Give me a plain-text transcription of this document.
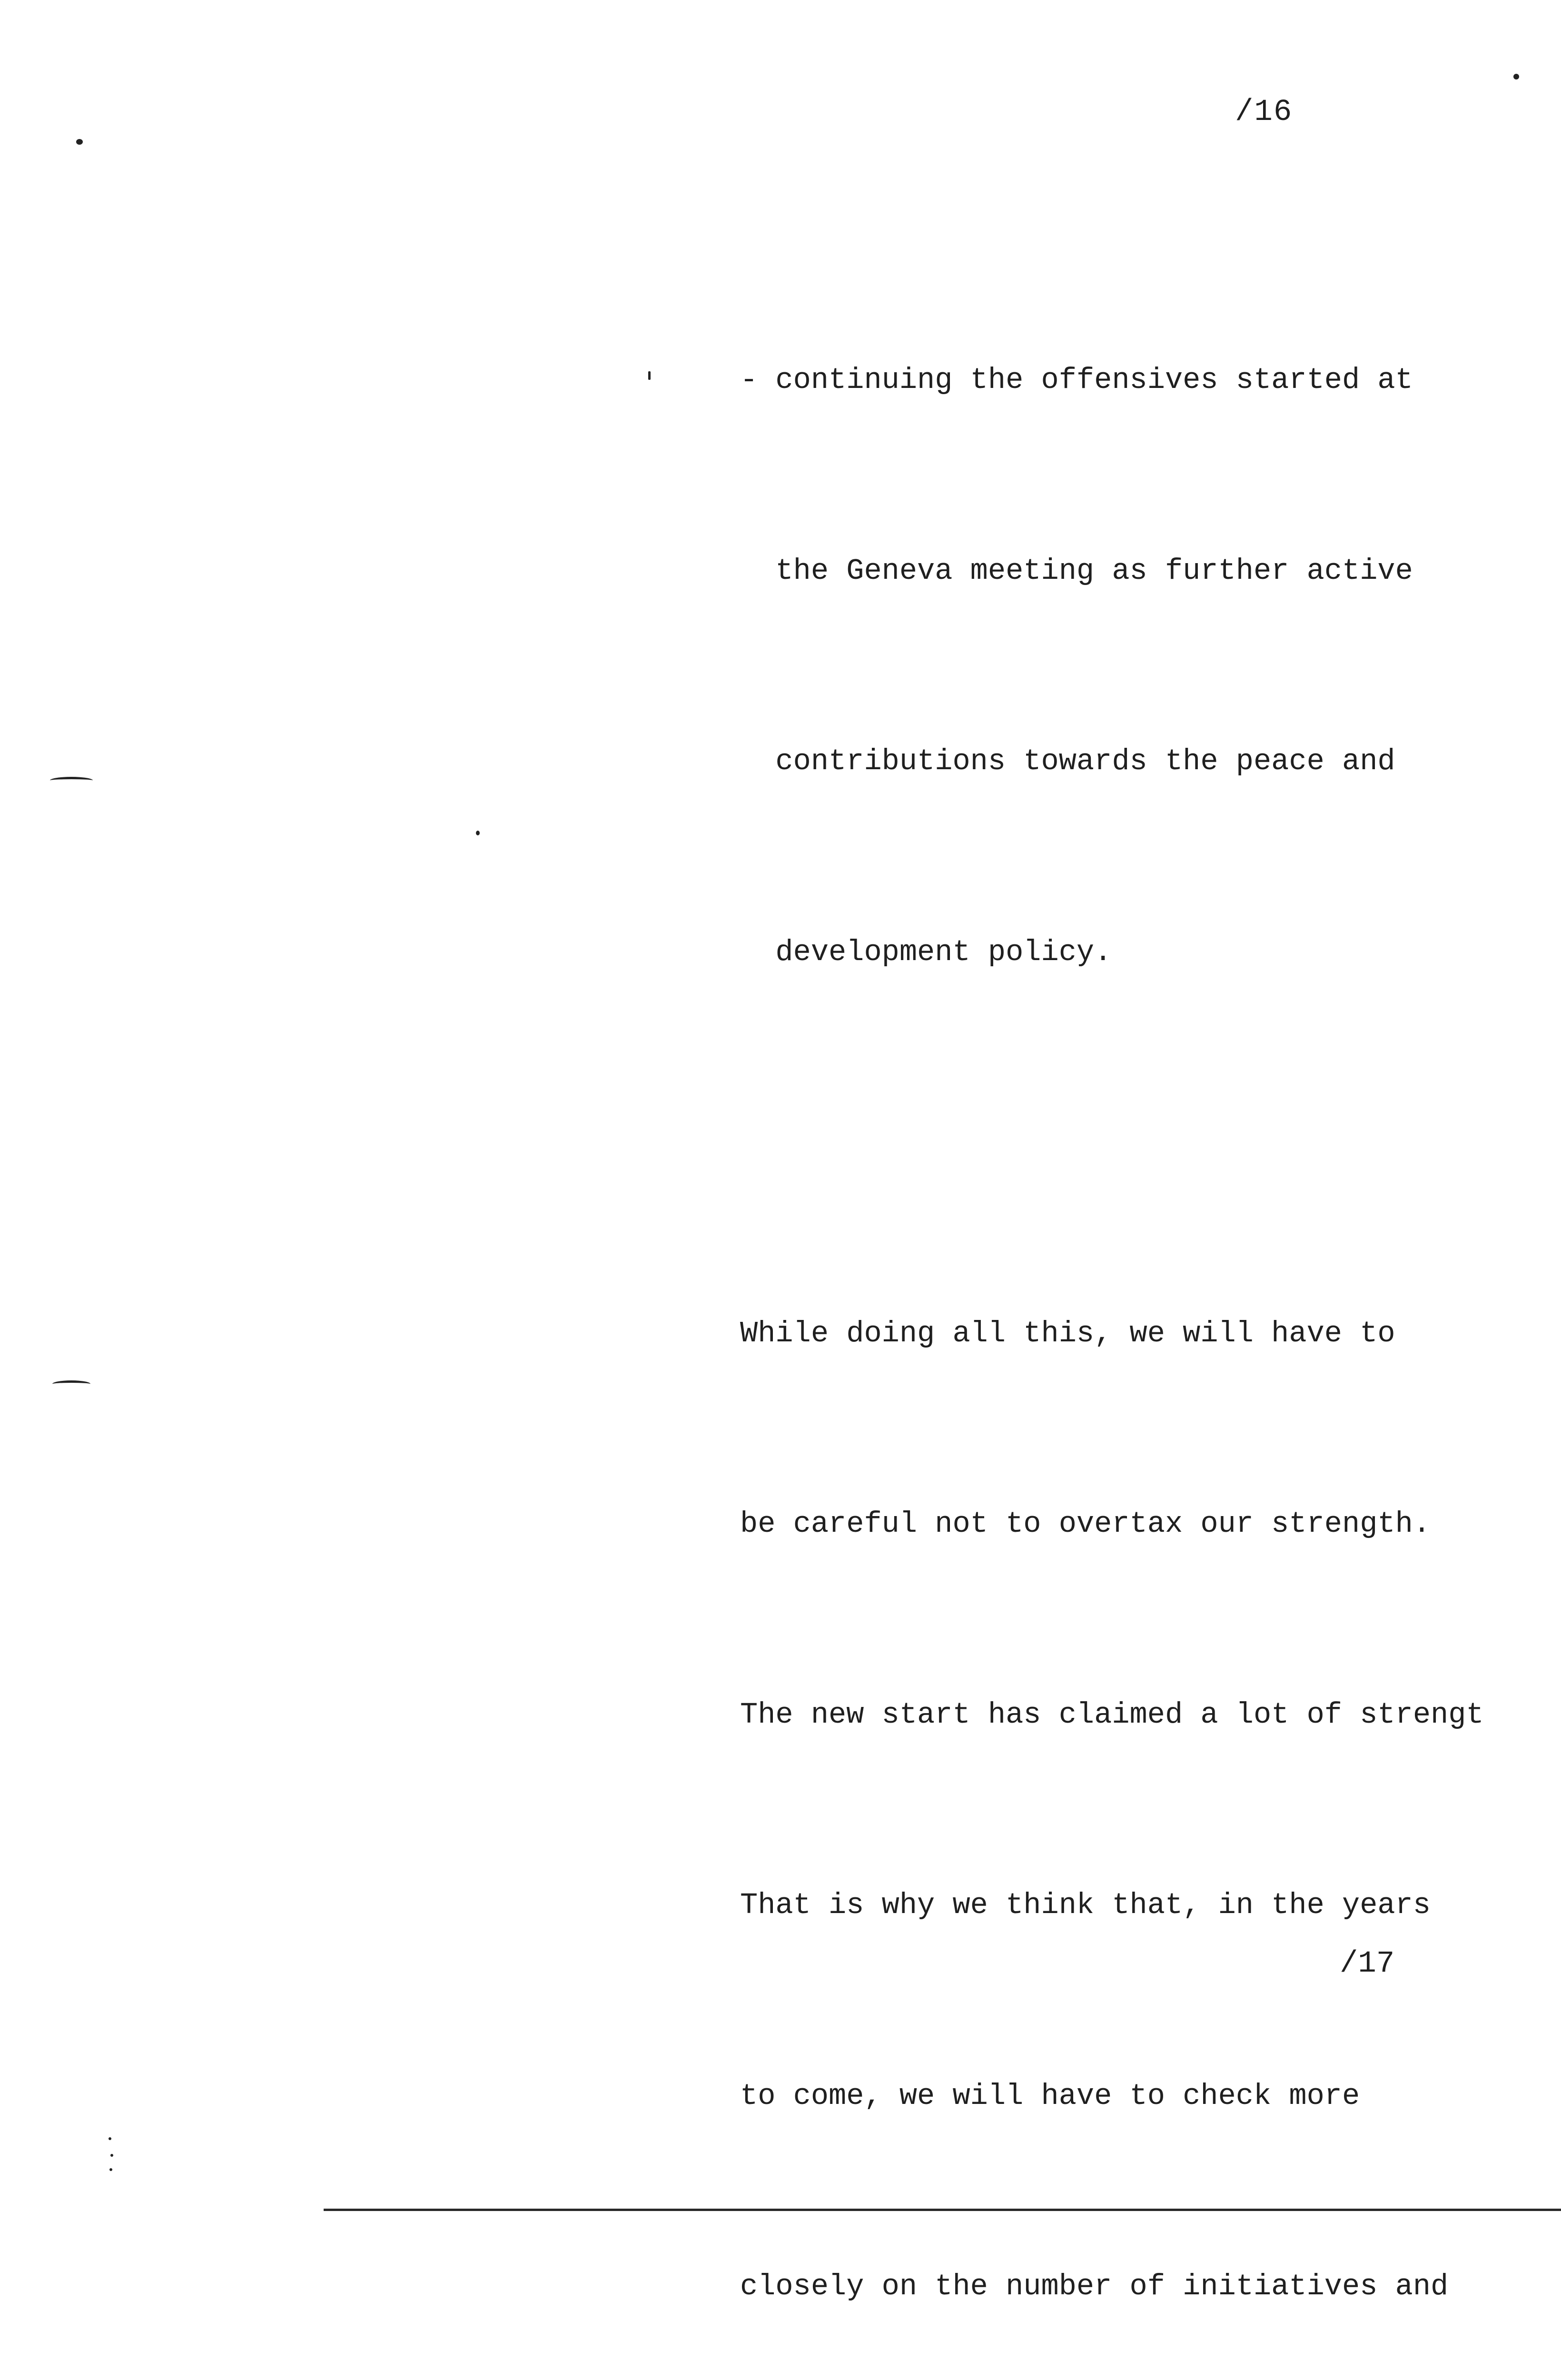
/16

- continuing the offensives started at

the Geneva meeting as further active

contributions towards the peace and

development policy.

While doing all this, we will have to

be careful not to overtax our strength.

The new start has claimed a lot of strengt

That is why we think that, in the years

to come, we will have to check more

closely on the number of initiatives and

/17
